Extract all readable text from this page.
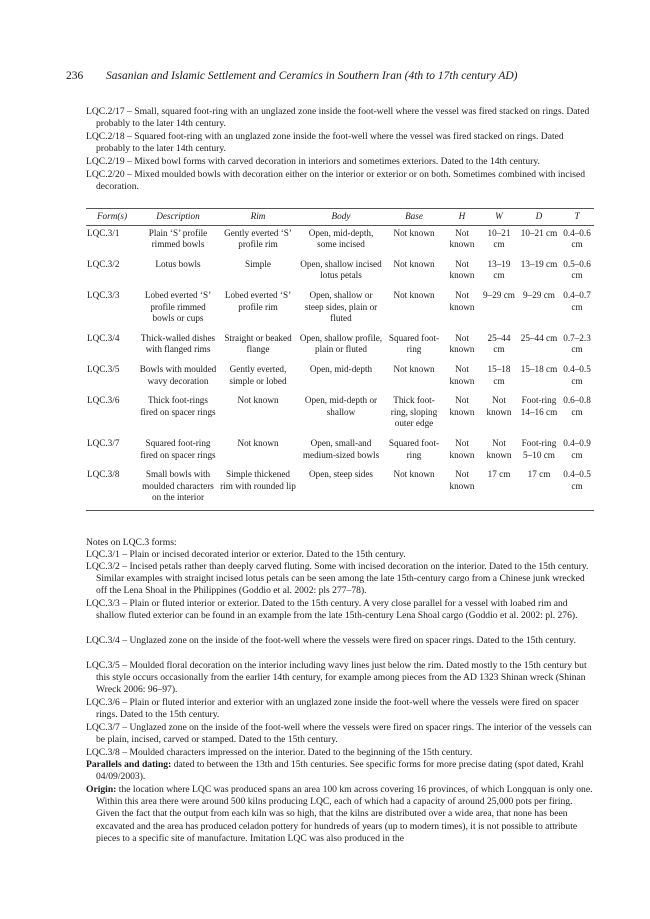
236 Sasanian and Islamic Settlement and Ceramics in Southern Iran (4th to 17th century AD)
LQC.2/17 – Small, squared foot-ring with an unglazed zone inside the foot-well where the vessel was fired stacked on rings. Dated probably to the later 14th century.
LQC.2/18 – Squared foot-ring with an unglazed zone inside the foot-well where the vessel was fired stacked on rings. Dated probably to the later 14th century.
LQC.2/19 – Mixed bowl forms with carved decoration in interiors and sometimes exteriors. Dated to the 14th century.
LQC.2/20 – Mixed moulded bowls with decoration either on the interior or exterior or on both. Sometimes combined with incised decoration.
Form(s)	Description	Rim	Body	Base	H	W	D	T
LQC.3/1	Plain ‘S’ profile rimmed bowls	Gently everted ‘S’ profile rim	Open, mid-depth, some incised	Not known	Not known	10–21 cm	10–21 cm	0.4–0.6 cm
LQC.3/2	Lotus bowls	Simple	Open, shallow incised lotus petals	Not known	Not known	13–19 cm	13–19 cm	0.5–0.6 cm
LQC.3/3	Lobed everted ‘S’ profile rimmed bowls or cups	Lobed everted ‘S’ profile rim	Open, shallow or steep sides, plain or fluted	Not known	Not known	9–29 cm	9–29 cm	0.4–0.7 cm
LQC.3/4	Thick-walled dishes with flanged rims	Straight or beaked flange	Open, shallow profile, plain or fluted	Squared foot-ring	Not known	25–44 cm	25–44 cm	0.7–2.3 cm
LQC.3/5	Bowls with moulded wavy decoration	Gently everted, simple or lobed	Open, mid-depth	Not known	Not known	15–18 cm	15–18 cm	0.4–0.5 cm
LQC.3/6	Thick foot-rings fired on spacer rings	Not known	Open, mid-depth or shallow	Thick foot-ring, sloping outer edge	Not known	Not known	Foot-ring 14–16 cm	0.6–0.8 cm
LQC.3/7	Squared foot-ring fired on spacer rings	Not known	Open, small-and medium-sized bowls	Squared foot-ring	Not known	Not known	Foot-ring 5–10 cm	0.4–0.9 cm
LQC.3/8	Small bowls with moulded characters on the interior	Simple thickened rim with rounded lip	Open, steep sides	Not known	Not known	17 cm	17 cm	0.4–0.5 cm
Notes on LQC.3 forms:
LQC.3/1 – Plain or incised decorated interior or exterior. Dated to the 15th century.
LQC.3/2 – Incised petals rather than deeply carved fluting. Some with incised decoration on the interior. Dated to the 15th century. Similar examples with straight incised lotus petals can be seen among the late 15th-century cargo from a Chinese junk wrecked off the Lena Shoal in the Philippines (Goddio et al. 2002: pls 277–78).
LQC.3/3 – Plain or fluted interior or exterior. Dated to the 15th century. A very close parallel for a vessel with loabed rim and shallow fluted exterior can be found in an example from the late 15th-century Lena Shoal cargo (Goddio et al. 2002: pl. 276).
LQC.3/4 – Unglazed zone on the inside of the foot-well where the vessels were fired on spacer rings. Dated to the 15th century.
LQC.3/5 – Moulded floral decoration on the interior including wavy lines just below the rim. Dated mostly to the 15th century but this style occurs occasionally from the earlier 14th century, for example among pieces from the AD 1323 Shinan wreck (Shinan Wreck 2006: 96–97).
LQC.3/6 – Plain or fluted interior and exterior with an unglazed zone inside the foot-well where the vessels were fired on spacer rings. Dated to the 15th century.
LQC.3/7 – Unglazed zone on the inside of the foot-well where the vessels were fired on spacer rings. The interior of the vessels can be plain, incised, carved or stamped. Dated to the 15th century.
LQC.3/8 – Moulded characters impressed on the interior. Dated to the beginning of the 15th century.
Parallels and dating: dated to between the 13th and 15th centuries. See specific forms for more precise dating (spot dated, Krahl 04/09/2003).
Origin: the location where LQC was produced spans an area 100 km across covering 16 provinces, of which Longquan is only one. Within this area there were around 500 kilns producing LQC, each of which had a capacity of around 25,000 pots per firing. Given the fact that the output from each kiln was so high, that the kilns are distributed over a wide area, that none has been excavated and the area has produced celadon pottery for hundreds of years (up to modern times), it is not possible to attribute pieces to a specific site of manufacture. Imitation LQC was also produced in the
